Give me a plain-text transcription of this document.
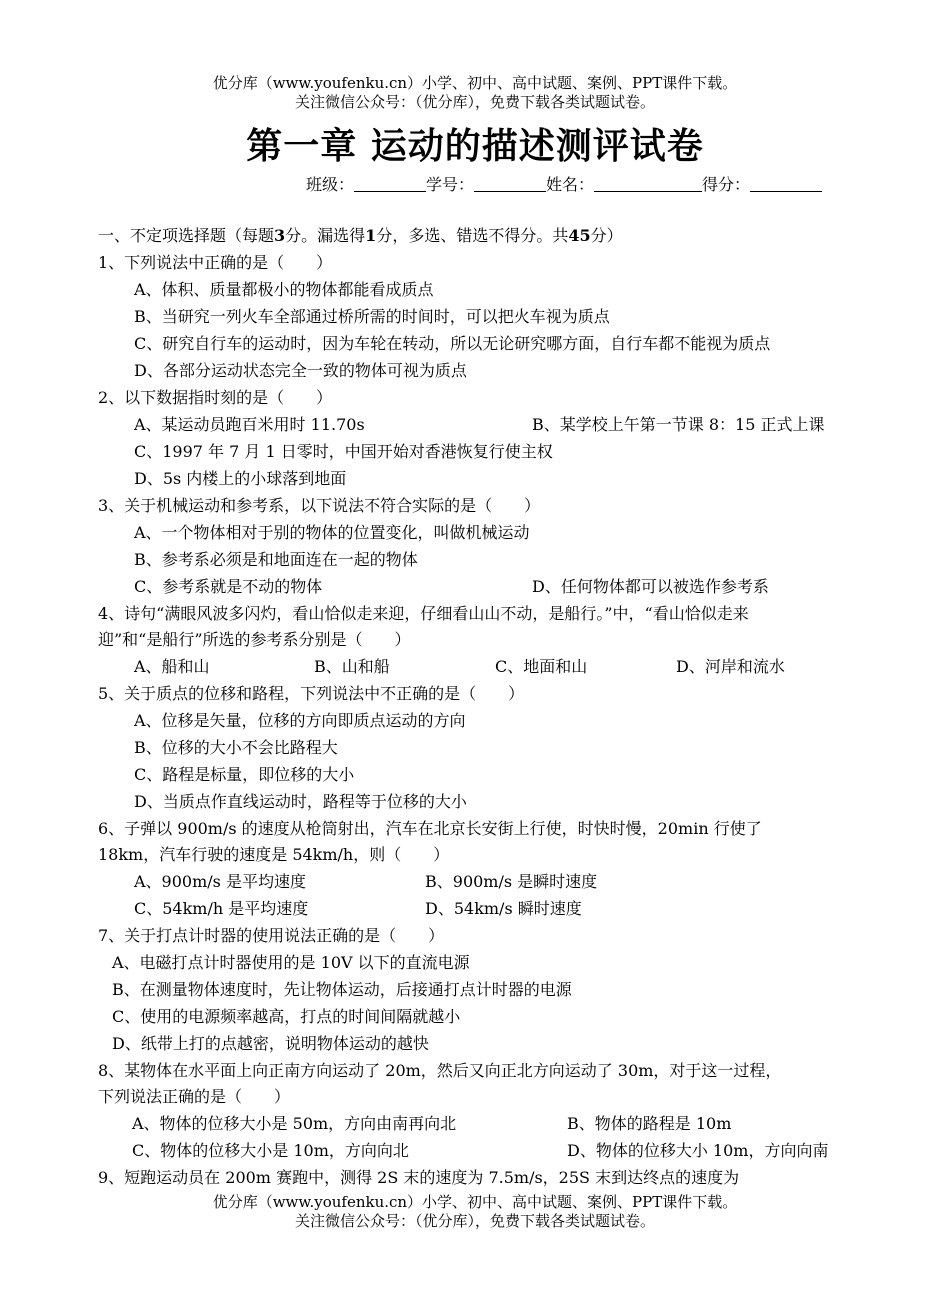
优分库（www.youfenku.cn）小学、初中、高中试题、案例、PPT课件下载。
关注微信公众号：（优分库），免费下载各类试题试卷。
第一章 运动的描述测评试卷
班级：	学号：	姓名：	得分：
一、不定项选择题（每题3分。漏选得1分，多选、错选不得分。共45分）
1、下列说法中正确的是（　　）
A、体积、质量都极小的物体都能看成质点
B、当研究一列火车全部通过桥所需的时间时，可以把火车视为质点
C、研究自行车的运动时，因为车轮在转动，所以无论研究哪方面，自行车都不能视为质点
D、各部分运动状态完全一致的物体可视为质点
2、以下数据指时刻的是（　　）
A、某运动员跑百米用时 11.70s	B、某学校上午第一节课 8：15 正式上课
C、1997 年 7 月 1 日零时，中国开始对香港恢复行使主权
D、5s 内楼上的小球落到地面
3、关于机械运动和参考系，以下说法不符合实际的是（　　）
A、一个物体相对于别的物体的位置变化，叫做机械运动
B、参考系必须是和地面连在一起的物体
C、参考系就是不动的物体	D、任何物体都可以被选作参考系
4、诗句“满眼风波多闪灼，看山恰似走来迎，仔细看山山不动，是船行。”中，“看山恰似走来
迎”和“是船行”所选的参考系分别是（　　）
A、船和山	B、山和船	C、地面和山	D、河岸和流水
5、关于质点的位移和路程，下列说法中不正确的是（　　）
A、位移是矢量，位移的方向即质点运动的方向
B、位移的大小不会比路程大
C、路程是标量，即位移的大小
D、当质点作直线运动时，路程等于位移的大小
6、子弹以 900m/s 的速度从枪筒射出，汽车在北京长安街上行使，时快时慢，20min 行使了
18km，汽车行驶的速度是 54km/h，则（　　）
A、900m/s 是平均速度	B、900m/s 是瞬时速度
C、54km/h 是平均速度	D、54km/s 瞬时速度
7、关于打点计时器的使用说法正确的是（　　）
A、电磁打点计时器使用的是 10V 以下的直流电源
B、在测量物体速度时，先让物体运动，后接通打点计时器的电源
C、使用的电源频率越高，打点的时间间隔就越小
D、纸带上打的点越密，说明物体运动的越快
8、某物体在水平面上向正南方向运动了 20m，然后又向正北方向运动了 30m，对于这一过程，
下列说法正确的是（　　）
A、物体的位移大小是 50m，方向由南再向北	B、物体的路程是 10m
C、物体的位移大小是 10m，方向向北	D、物体的位移大小 10m，方向向南
9、短跑运动员在 200m 赛跑中，测得 2S 末的速度为 7.5m/s，25S 末到达终点的速度为
优分库（www.youfenku.cn）小学、初中、高中试题、案例、PPT课件下载。
关注微信公众号：（优分库），免费下载各类试题试卷。
